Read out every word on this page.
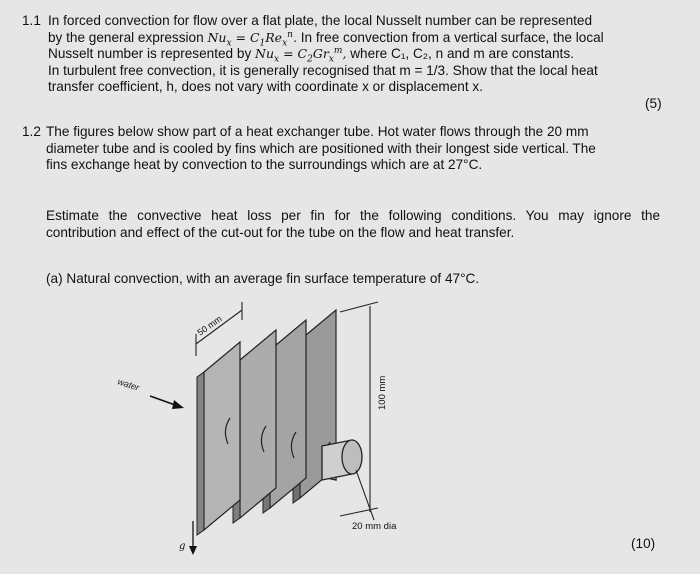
1.1 In forced convection for flow over a flat plate, the local Nusselt number can be represented
by the general expression $Nu_x = C_1Re_x^n$. In free convection from a vertical surface, the local
Nusselt number is represented by $Nu_x = C_2Gr_x^m$, where C₁, C₂, n and m are constants.
In turbulent free convection, it is generally recognised that m = 1/3. Show that the local heat
transfer coefficient, h, does not vary with coordinate x or displacement x.
(5)
1.2 The figures below show part of a heat exchanger tube. Hot water flows through the 20 mm
diameter tube and is cooled by fins which are positioned with their longest side vertical. The
fins exchange heat by convection to the surroundings which are at 27°C.
Estimate the convective heat loss per fin for the following conditions. You may ignore the
contribution and effect of the cut-out for the tube on the flow and heat transfer.
(a) Natural convection, with an average fin surface temperature of 47°C.
100 mm
50 mm
water
20 mm dia
g	(10)
